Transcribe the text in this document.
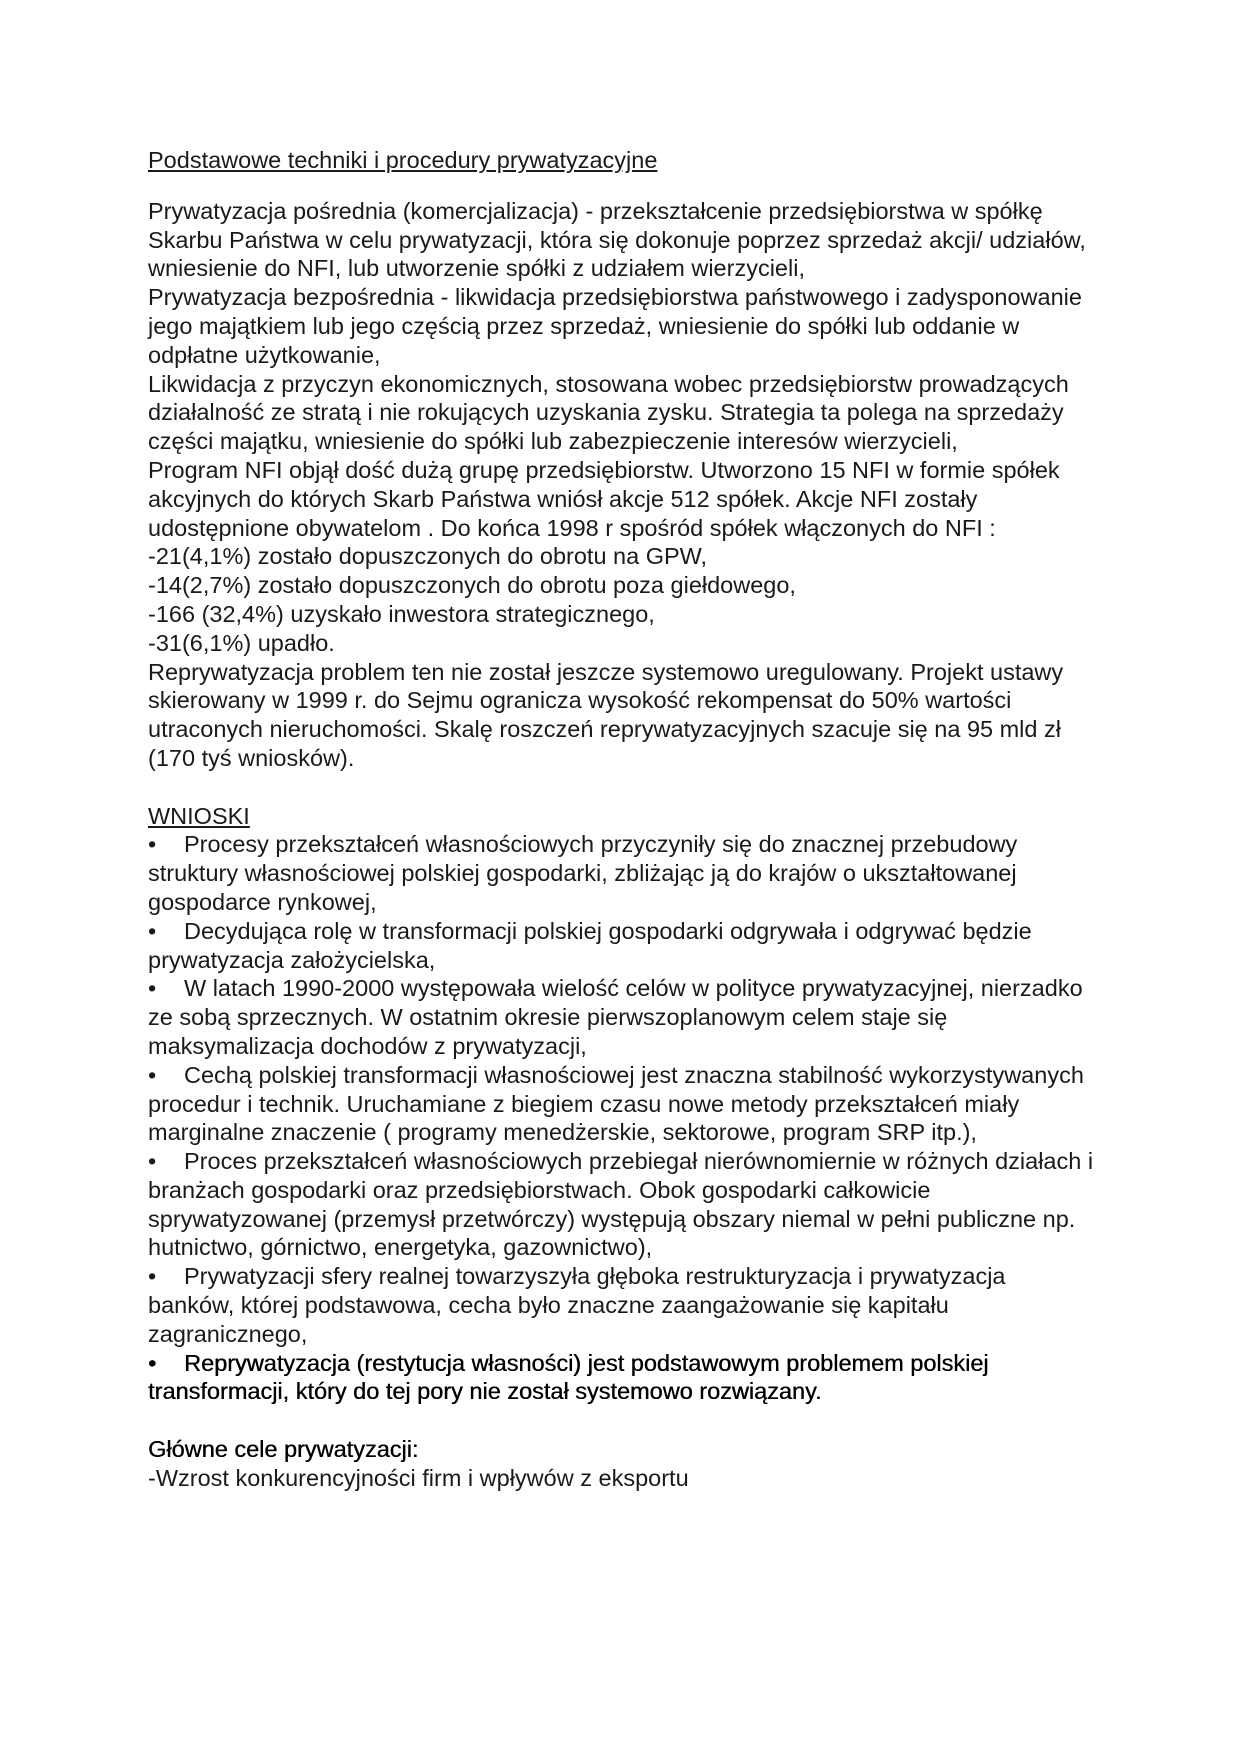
Podstawowe techniki i procedury prywatyzacyjne

Prywatyzacja pośrednia (komercjalizacja) - przekształcenie przedsiębiorstwa w spółkę Skarbu Państwa w celu prywatyzacji, która się dokonuje poprzez sprzedaż akcji/ udziałów, wniesienie do NFI, lub utworzenie spółki z udziałem wierzycieli,

Prywatyzacja bezpośrednia - likwidacja przedsiębiorstwa państwowego i zadysponowanie jego majątkiem lub jego częścią przez sprzedaż, wniesienie do spółki lub oddanie w odpłatne użytkowanie,

Likwidacja z przyczyn ekonomicznych, stosowana wobec przedsiębiorstw prowadzących działalność ze stratą i nie rokujących uzyskania zysku. Strategia ta polega na sprzedaży części majątku, wniesienie do spółki lub zabezpieczenie interesów wierzycieli,

Program NFI objął dość dużą grupę przedsiębiorstw. Utworzono 15 NFI w formie spółek akcyjnych do których Skarb Państwa wniósł akcje 512 spółek. Akcje NFI zostały udostępnione obywatelom . Do końca 1998 r spośród spółek włączonych do NFI :

-21(4,1%) zostało dopuszczonych do obrotu na GPW,

-14(2,7%) zostało dopuszczonych do obrotu poza giełdowego,

-166 (32,4%) uzyskało inwestora strategicznego,

-31(6,1%) upadło.

Reprywatyzacja problem ten nie został jeszcze systemowo uregulowany. Projekt ustawy skierowany w 1999 r. do Sejmu ogranicza wysokość rekompensat do 50% wartości utraconych nieruchomości. Skalę roszczeń reprywatyzacyjnych szacuje się na 95 mld zł (170 tyś wniosków).

WNIOSKI

• Procesy przekształceń własnościowych przyczyniły się do znacznej przebudowy struktury własnościowej polskiej gospodarki, zbliżając ją do krajów o ukształtowanej gospodarce rynkowej,

• Decydująca rolę w transformacji polskiej gospodarki odgrywała i odgrywać będzie prywatyzacja założycielska,

• W latach 1990-2000 występowała wielość celów w polityce prywatyzacyjnej, nierzadko ze sobą sprzecznych. W ostatnim okresie pierwszoplanowym celem staje się maksymalizacja dochodów z prywatyzacji,

• Cechą polskiej transformacji własnościowej jest znaczna stabilność wykorzystywanych procedur i technik. Uruchamiane z biegiem czasu nowe metody przekształceń miały marginalne znaczenie ( programy menedżerskie, sektorowe, program SRP itp.),

• Proces przekształceń własnościowych przebiegał nierównomiernie w różnych działach i branżach gospodarki oraz przedsiębiorstwach. Obok gospodarki całkowicie sprywatyzowanej (przemysł przetwórczy) występują obszary niemal w pełni publiczne np. hutnictwo, górnictwo, energetyka, gazownictwo),

• Prywatyzacji sfery realnej towarzyszyła głęboka restrukturyzacja i prywatyzacja banków, której podstawowa, cecha było znaczne zaangażowanie się kapitału zagranicznego,

• Reprywatyzacja (restytucja własności) jest podstawowym problemem polskiej transformacji, który do tej pory nie został systemowo rozwiązany.

Główne cele prywatyzacji:

-Wzrost konkurencyjności firm i wpływów z eksportu
